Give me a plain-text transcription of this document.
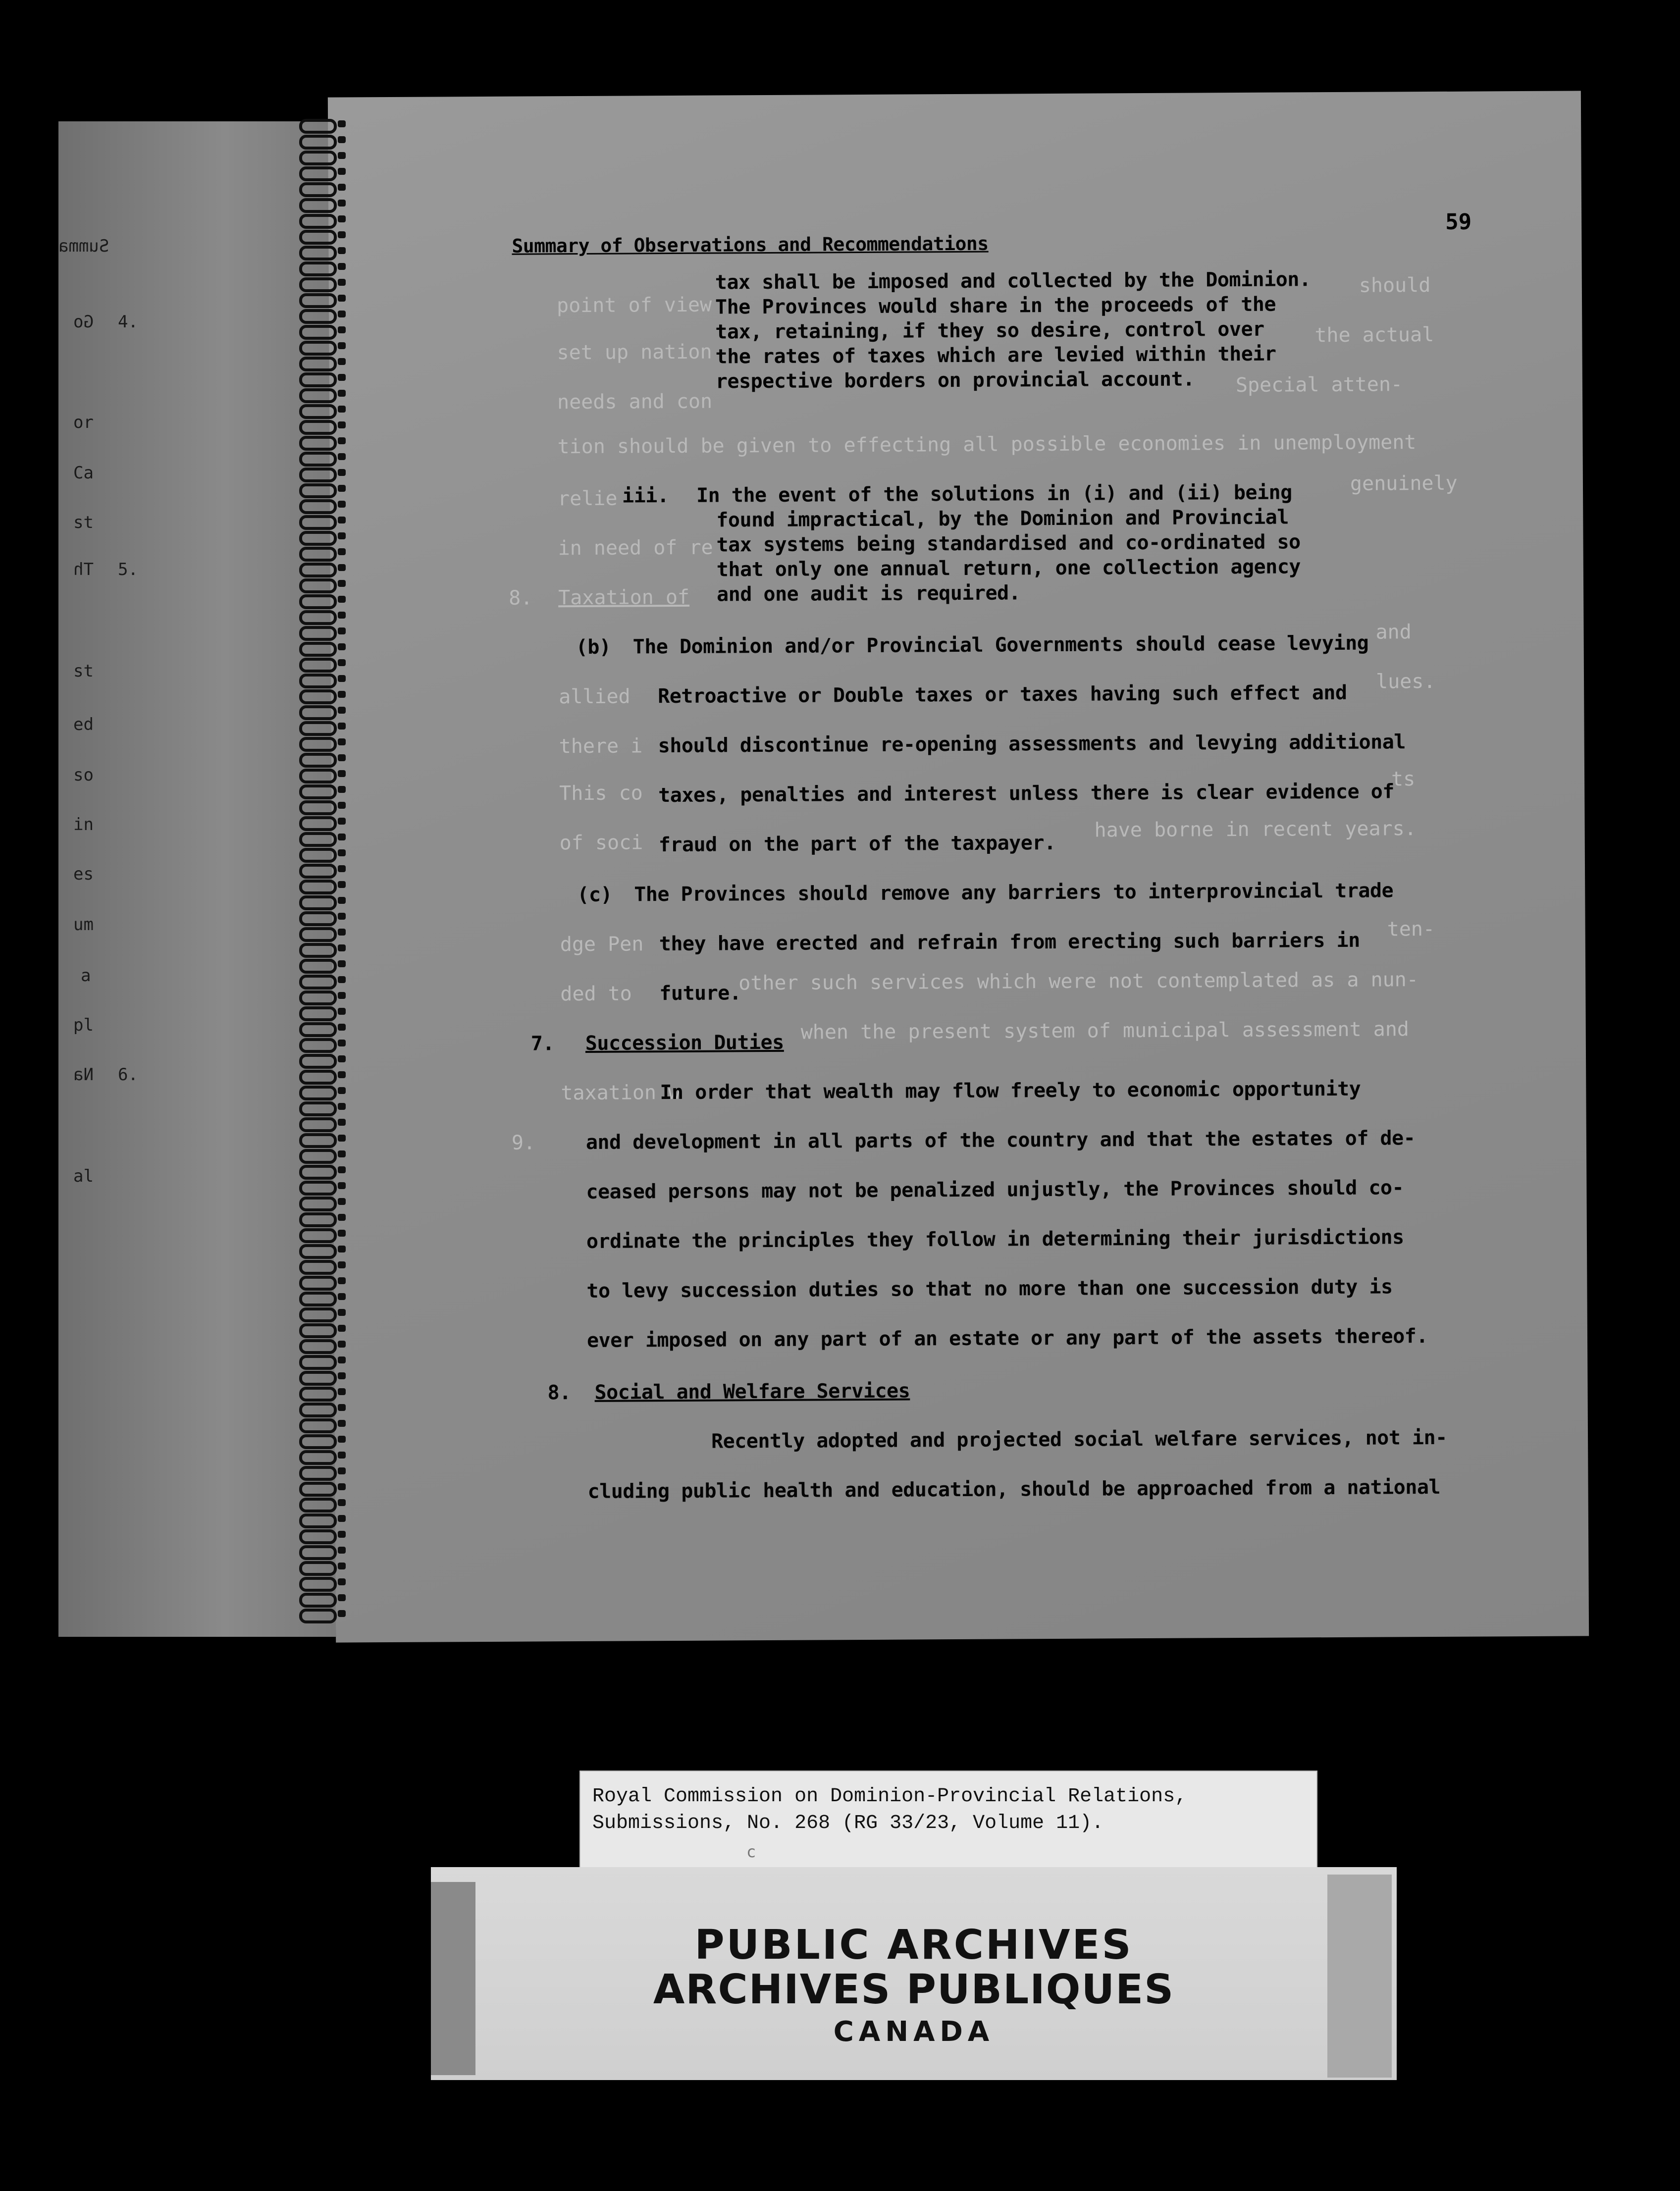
Summa
4.
Go
or
Ca
st
5.
Th
st
ed
so
in
es
um
a
pl
6.
Na
al
point of view
should
set up nation
the actual
needs and con
Special atten-
tion should be given to effecting all possible economies in unemployment
relie
genuinely
in need of re
8. Taxation of
and
allied
lues.
there i
This co
ts
of soci
have borne in recent years.
dge Pen
ten-
ded to	other such services which were not contemplated as a nun-
when the present system of municipal assessment and
taxation w
9.
59
Summary of Observations and Recommendations
tax shall be imposed and collected by the Dominion.
The Provinces would share in the proceeds of the
tax, retaining, if they so desire, control over
the rates of taxes which are levied within their
respective borders on provincial account.
iii. In the event of the solutions in (i) and (ii) being
found impractical, by the Dominion and Provincial
tax systems being standardised and co-ordinated so
that only one annual return, one collection agency
and one audit is required.
(b) The Dominion and/or Provincial Governments should cease levying
Retroactive or Double taxes or taxes having such effect and
should discontinue re-opening assessments and levying additional
taxes, penalties and interest unless there is clear evidence of
fraud on the part of the taxpayer.
(c) The Provinces should remove any barriers to interprovincial trade
they have erected and refrain from erecting such barriers in
future.
7. Succession Duties
In order that wealth may flow freely to economic opportunity
and development in all parts of the country and that the estates of de-
ceased persons may not be penalized unjustly, the Provinces should co-
ordinate the principles they follow in determining their jurisdictions
to levy succession duties so that no more than one succession duty is
ever imposed on any part of an estate or any part of the assets thereof.
8. Social and Welfare Services
Recently adopted and projected social welfare services, not in-
cluding public health and education, should be approached from a national
Royal Commission on Dominion-Provincial Relations,
Submissions, No. 268 (RG 33/23, Volume 11).
c
PUBLIC ARCHIVES
ARCHIVES PUBLIQUES
CANADA
